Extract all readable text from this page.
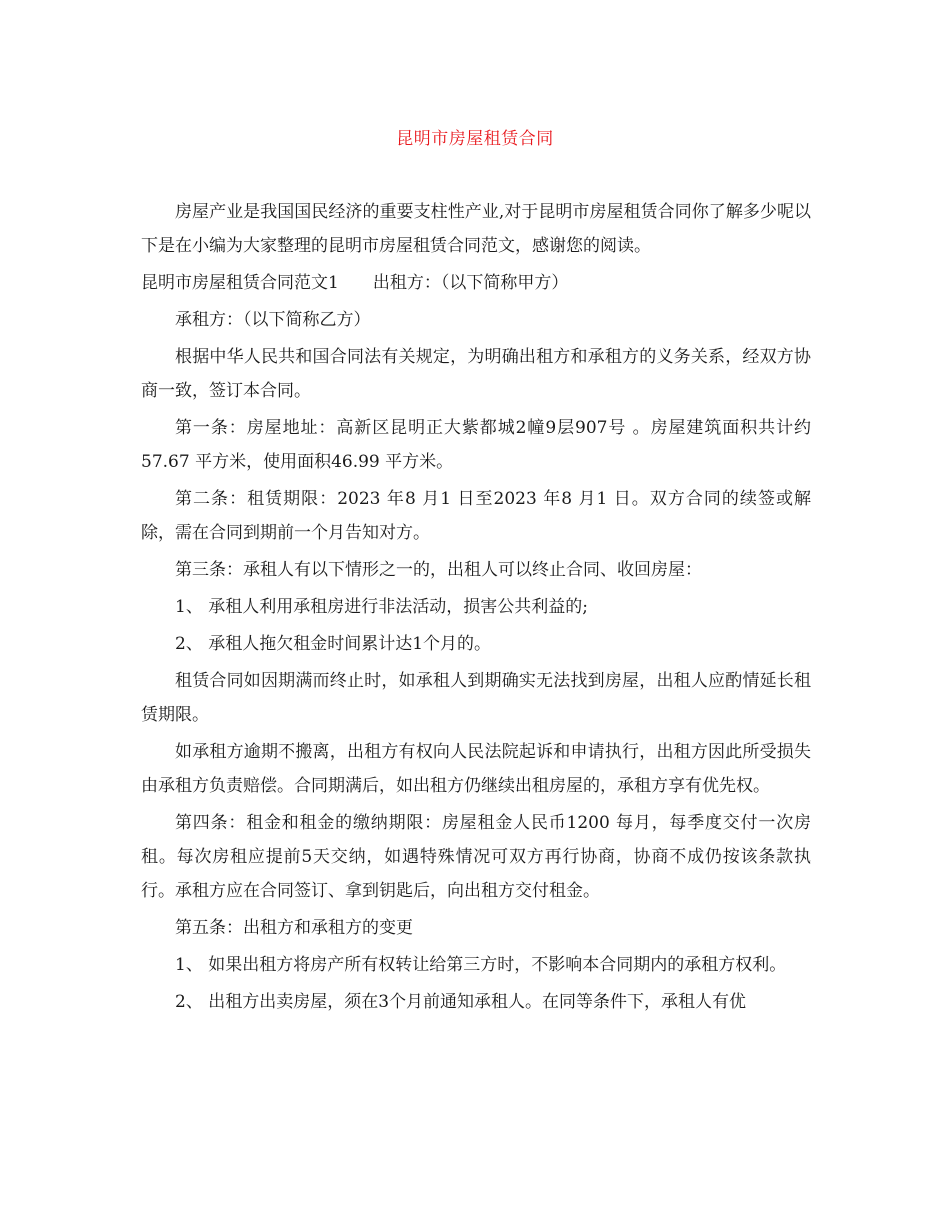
昆明市房屋租赁合同

房屋产业是我国国民经济的重要支柱性产业,对于昆明市房屋租赁合同你了解多少呢以下是在小编为大家整理的昆明市房屋租赁合同范文，感谢您的阅读。

昆明市房屋租赁合同范文1 出租方：（以下简称甲方）

承租方：（以下简称乙方）

根据中华人民共和国合同法有关规定，为明确出租方和承租方的义务关系，经双方协商一致，签订本合同。

第一条：房屋地址：高新区昆明正大紫都城2幢9层907号 。房屋建筑面积共计约57.67 平方米，使用面积46.99 平方米。

第二条：租赁期限：2023 年8 月1 日至2023 年8 月1 日。双方合同的续签或解除，需在合同到期前一个月告知对方。

第三条：承租人有以下情形之一的，出租人可以终止合同、收回房屋：

1、 承租人利用承租房进行非法活动，损害公共利益的;

2、 承租人拖欠租金时间累计达1个月的。

租赁合同如因期满而终止时，如承租人到期确实无法找到房屋，出租人应酌情延长租赁期限。

如承租方逾期不搬离，出租方有权向人民法院起诉和申请执行，出租方因此所受损失由承租方负责赔偿。合同期满后，如出租方仍继续出租房屋的，承租方享有优先权。

第四条：租金和租金的缴纳期限：房屋租金人民币1200 每月，每季度交付一次房租。每次房租应提前5天交纳，如遇特殊情况可双方再行协商，协商不成仍按该条款执行。承租方应在合同签订、拿到钥匙后，向出租方交付租金。

第五条：出租方和承租方的变更

1、 如果出租方将房产所有权转让给第三方时，不影响本合同期内的承租方权利。

2、 出租方出卖房屋，须在3个月前通知承租人。在同等条件下，承租人有优
